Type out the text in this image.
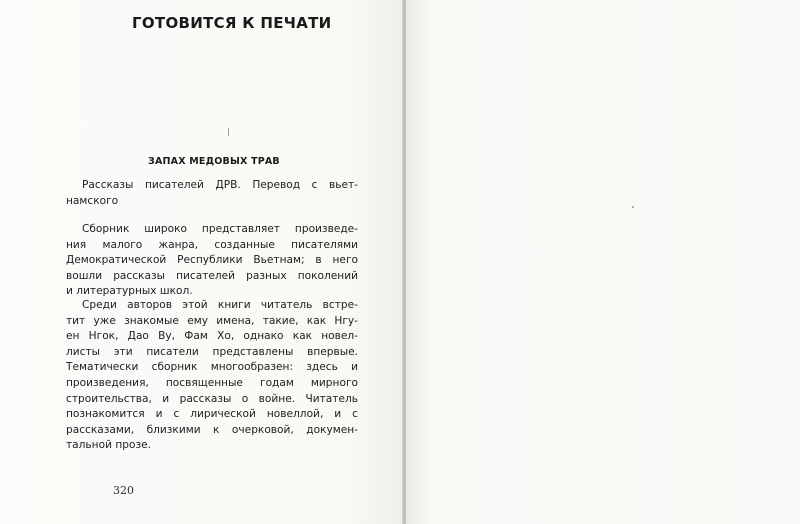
ГОТОВИТСЯ К ПЕЧАТИ
ЗАПАХ МЕДОВЫХ ТРАВ
Рассказы писателей ДРВ. Перевод с вьет-
намского
Сборник широко представляет произведе-
ния малого жанра, созданные писателями
Демократической Республики Вьетнам; в него
вошли рассказы писателей разных поколений
и литературных школ.
Среди авторов этой книги читатель встре-
тит уже знакомые ему имена, такие, как Нгу-
ен Нгок, Дао Ву, Фам Хо, однако как новел-
листы эти писатели представлены впервые.
Тематически сборник многообразен: здесь и
произведения, посвященные годам мирного
строительства, и рассказы о войне. Читатель
познакомится и с лирической новеллой, и с
рассказами, близкими к очерковой, докумен-
тальной прозе.
320
